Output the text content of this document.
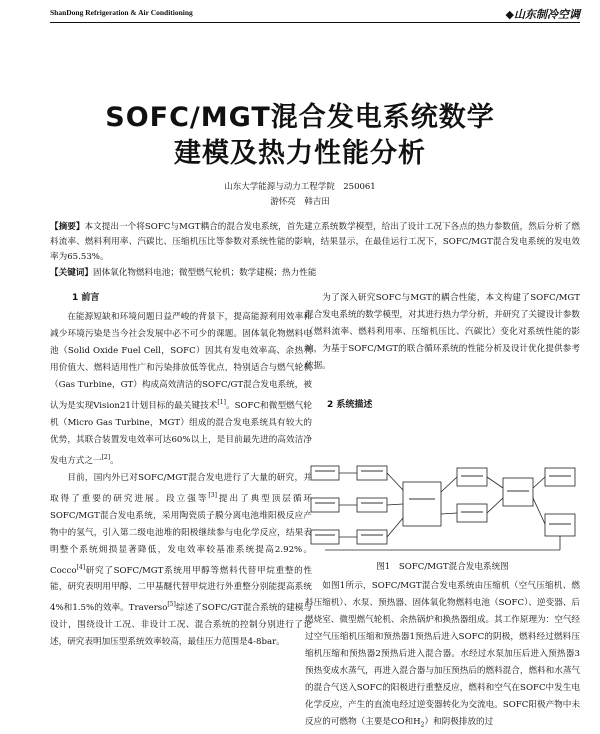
ShanDong Refrigeration & Air Conditioning	◆山东制冷空调
SOFC/MGT混合发电系统数学
建模及热力性能分析
山东大学能源与动力工程学院　250061
游怀亮　韩吉田
【摘要】本文提出一个将SOFC与MGT耦合的混合发电系统，首先建立系统数学模型，给出了设计工况下各点的热力参数值，然后分析了燃料流率、燃料利用率、汽碳比、压缩机压比等参数对系统性能的影响，结果显示，在最佳运行工况下，SOFC/MGT混合发电系统的发电效率为65.53%。
【关键词】固体氧化物燃料电池；微型燃气轮机；数学建模；热力性能

1 前言

在能源短缺和环境问题日益严峻的背景下，提高能源利用效率和减少环境污染是当今社会发展中必不可少的课题。固体氧化物燃料电池（Solid Oxide Fuel Cell，SOFC）因其有发电效率高、余热利用价值大、燃料适用性广和污染排放低等优点，特别适合与燃气轮机（Gas Turbine，GT）构成高效清洁的SOFC/GT混合发电系统，被认为是实现Vision21计划目标的最关键技术[1]。SOFC和微型燃气轮机（Micro Gas Turbine，MGT）组成的混合发电系统具有较大的优势，其联合装置发电效率可达60%以上，是目前最先进的高效洁净发电方式之一[2]。

目前，国内外已对SOFC/MGT混合发电进行了大量的研究，并取得了重要的研究进展。段立强等[3]提出了典型顶层循环SOFC/MGT混合发电系统，采用陶瓷质子膜分离电池堆阳极反应产物中的氢气，引入第二级电池堆的阳极继续参与电化学反应，结果表明整个系统㶲损显著降低，发电效率较基准系统提高2.92%。Cocco[4]研究了SOFC/MGT系统用甲醇等燃料代替甲烷重整的性能，研究表明用甲醇、二甲基醚代替甲烷进行外重整分别能提高系统4%和1.5%的效率。Traverso[5]综述了SOFC/GT混合系统的建模与设计，围绕设计工况、非设计工况、混合系统的控制分别进行了论述，研究表明加压型系统效率较高，最佳压力范围是4-8bar。

为了深入研究SOFC与MGT的耦合性能，本文构建了SOFC/MGT混合发电系统的数学模型，对其进行热力学分析，并研究了关键设计参数（燃料流率、燃料利用率、压缩机压比、汽碳比）变化对系统性能的影响，为基于SOFC/MGT的联合循环系统的性能分析及设计优化提供参考依据。

2 系统描述

图1　SOFC/MGT混合发电系统图

如图1所示，SOFC/MGT混合发电系统由压缩机（空气压缩机、燃料压缩机）、水泵、预热器、固体氧化物燃料电池（SOFC）、逆变器、后燃烧室、微型燃气轮机、余热锅炉和换热器组成。其工作原理为：空气经过空气压缩机压缩和预热器1预热后进入SOFC的阴极，燃料经过燃料压缩机压缩和预热器2预热后进入混合器。水经过水泵加压后进入预热器3预热变成水蒸气，再进入混合器与加压预热后的燃料混合，燃料和水蒸气的混合气送入SOFC的阳极进行重整反应，燃料和空气在SOFC中发生电化学反应，产生的直流电经过逆变器转化为交流电。SOFC阳极产物中未反应的可燃物（主要是CO和$H_2$）和阴极排放的过
